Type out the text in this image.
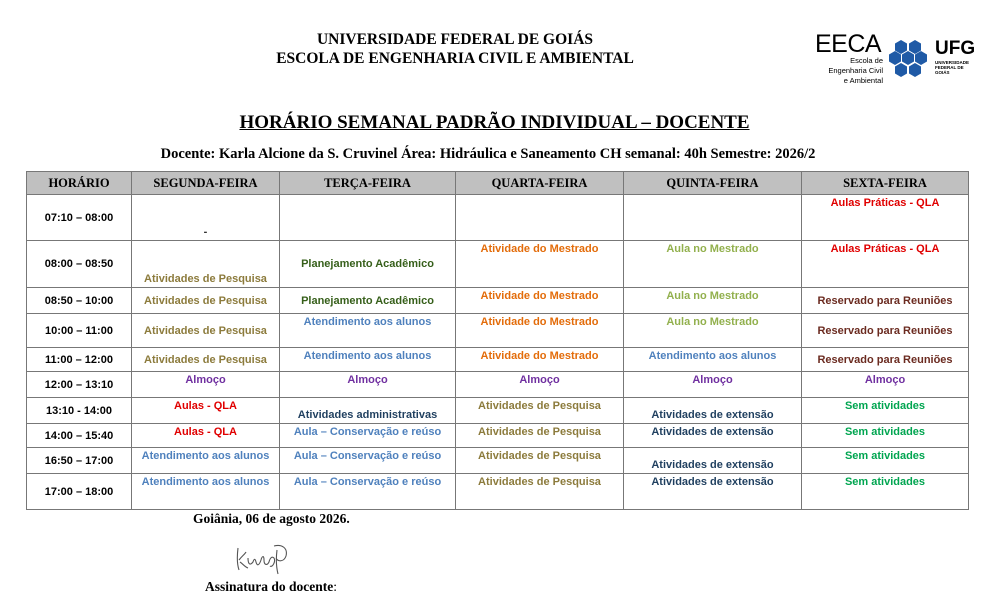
UNIVERSIDADE FEDERAL DE GOIÁS
ESCOLA DE ENGENHARIA CIVIL E AMBIENTAL
EECA
Escola de Engenharia Civil e Ambiental
UFG
UNIVERSIDADE FEDERAL DE GOIÁS
HORÁRIO SEMANAL PADRÃO INDIVIDUAL – DOCENTE
Docente: Karla Alcione da S. Cruvinel Área: Hidráulica e Saneamento CH semanal: 40h Semestre: 2026/2
HORÁRIO	SEGUNDA-FEIRA	TERÇA-FEIRA	QUARTA-FEIRA	QUINTA-FEIRA	SEXTA-FEIRA
07:10 – 08:00	-				Aulas Práticas - QLA

08:00 – 08:50	Atividades de Pesquisa	Planejamento Acadêmico	Atividade do Mestrado	Aula no Mestrado	Aulas Práticas - QLA

08:50 – 10:00	Atividades de Pesquisa	Planejamento Acadêmico	Atividade do Mestrado	Aula no Mestrado	Reservado para Reuniões
10:00 – 11:00	Atividades de Pesquisa	Atendimento aos alunos	Atividade do Mestrado	Aula no Mestrado	Reservado para Reuniões
11:00 – 12:00	Atividades de Pesquisa	Atendimento aos alunos	Atividade do Mestrado	Atendimento aos alunos	Reservado para Reuniões
12:00 – 13:10	Almoço	Almoço	Almoço	Almoço	Almoço

13:10 - 14:00	Aulas - QLA	Atividades administrativas	Atividades de Pesquisa	Atividades de extensão	Sem atividades

14:00 – 15:40	Aulas - QLA	Aula – Conservação e reúso	Atividades de Pesquisa	Atividades de extensão	Sem atividades

16:50 – 17:00	Atendimento aos alunos	Aula – Conservação e reúso	Atividades de Pesquisa	Atividades de extensão	Sem atividades

17:00 – 18:00	Atendimento aos alunos	Aula – Conservação e reúso	Atividades de Pesquisa	Atividades de extensão	Sem atividades
Goiânia, 06 de agosto 2026.
Assinatura do docente:
